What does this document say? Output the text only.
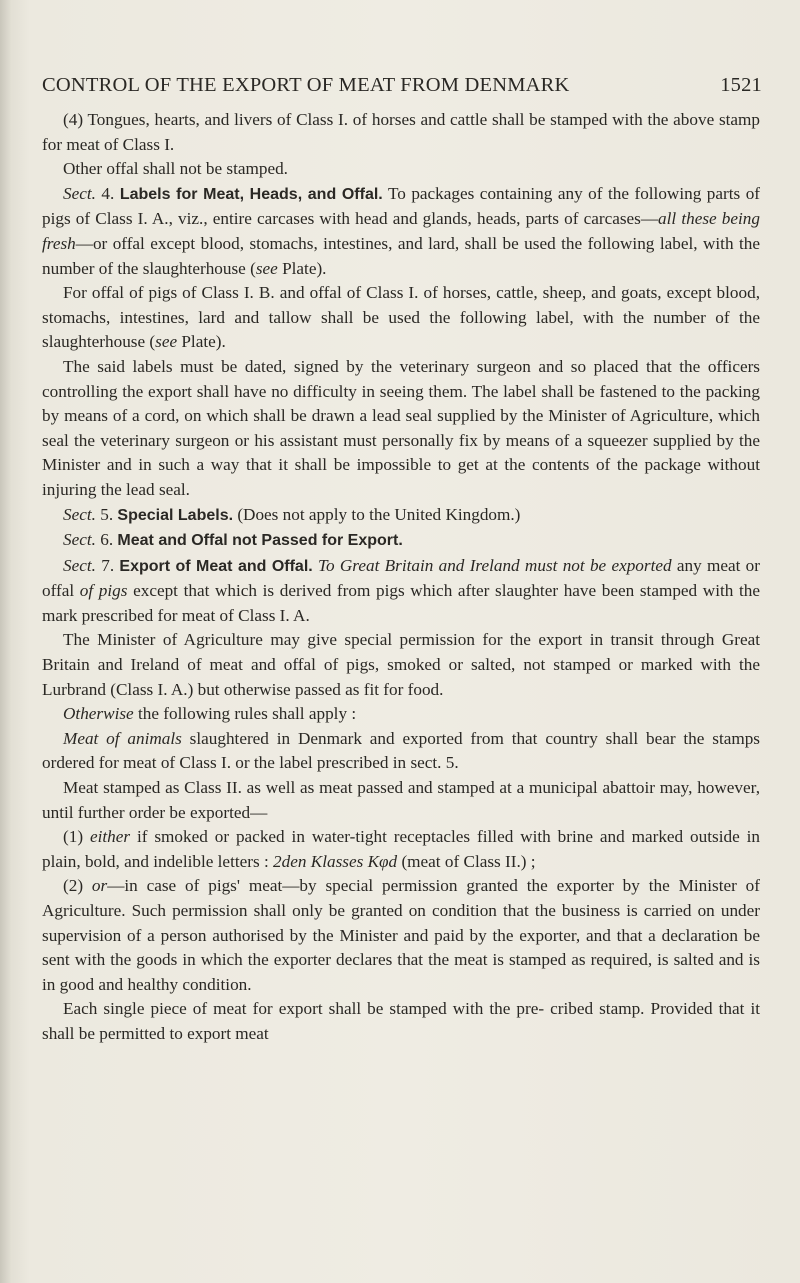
CONTROL OF THE EXPORT OF MEAT FROM DENMARK	1521

(4) Tongues, hearts, and livers of Class I. of horses and cattle shall be stamped with the above stamp for meat of Class I.

Other offal shall not be stamped.

Sect. 4. Labels for Meat, Heads, and Offal. To packages containing any of the following parts of pigs of Class I. A., viz., entire carcases with head and glands, heads, parts of carcases—all these being fresh—or offal except blood, stomachs, intestines, and lard, shall be used the following label, with the number of the slaughterhouse (see Plate).

For offal of pigs of Class I. B. and offal of Class I. of horses, cattle, sheep, and goats, except blood, stomachs, intestines, lard and tallow shall be used the following label, with the number of the slaughterhouse (see Plate).

The said labels must be dated, signed by the veterinary surgeon and so placed that the officers controlling the export shall have no difficulty in seeing them. The label shall be fastened to the packing by means of a cord, on which shall be drawn a lead seal supplied by the Minister of Agriculture, which seal the veterinary surgeon or his assistant must personally fix by means of a squeezer supplied by the Minister and in such a way that it shall be impossible to get at the contents of the package without injuring the lead seal.

Sect. 5. Special Labels. (Does not apply to the United Kingdom.)

Sect. 6. Meat and Offal not Passed for Export.

Sect. 7. Export of Meat and Offal. To Great Britain and Ireland must not be exported any meat or offal of pigs except that which is derived from pigs which after slaughter have been stamped with the mark prescribed for meat of Class I. A.

The Minister of Agriculture may give special permission for the export in transit through Great Britain and Ireland of meat and offal of pigs, smoked or salted, not stamped or marked with the Lurbrand (Class I. A.) but otherwise passed as fit for food.

Otherwise the following rules shall apply :

Meat of animals slaughtered in Denmark and exported from that country shall bear the stamps ordered for meat of Class I. or the label prescribed in sect. 5.

Meat stamped as Class II. as well as meat passed and stamped at a municipal abattoir may, however, until further order be exported—

(1) either if smoked or packed in water-tight receptacles filled with brine and marked outside in plain, bold, and indelible letters : 2den Klasses Kφd (meat of Class II.) ;

(2) or—in case of pigs' meat—by special permission granted the exporter by the Minister of Agriculture. Such permission shall only be granted on condition that the business is carried on under supervision of a person authorised by the Minister and paid by the exporter, and that a declaration be sent with the goods in which the exporter declares that the meat is stamped as required, is salted and is in good and healthy condition.

Each single piece of meat for export shall be stamped with the pre- cribed stamp. Provided that it shall be permitted to export meat
